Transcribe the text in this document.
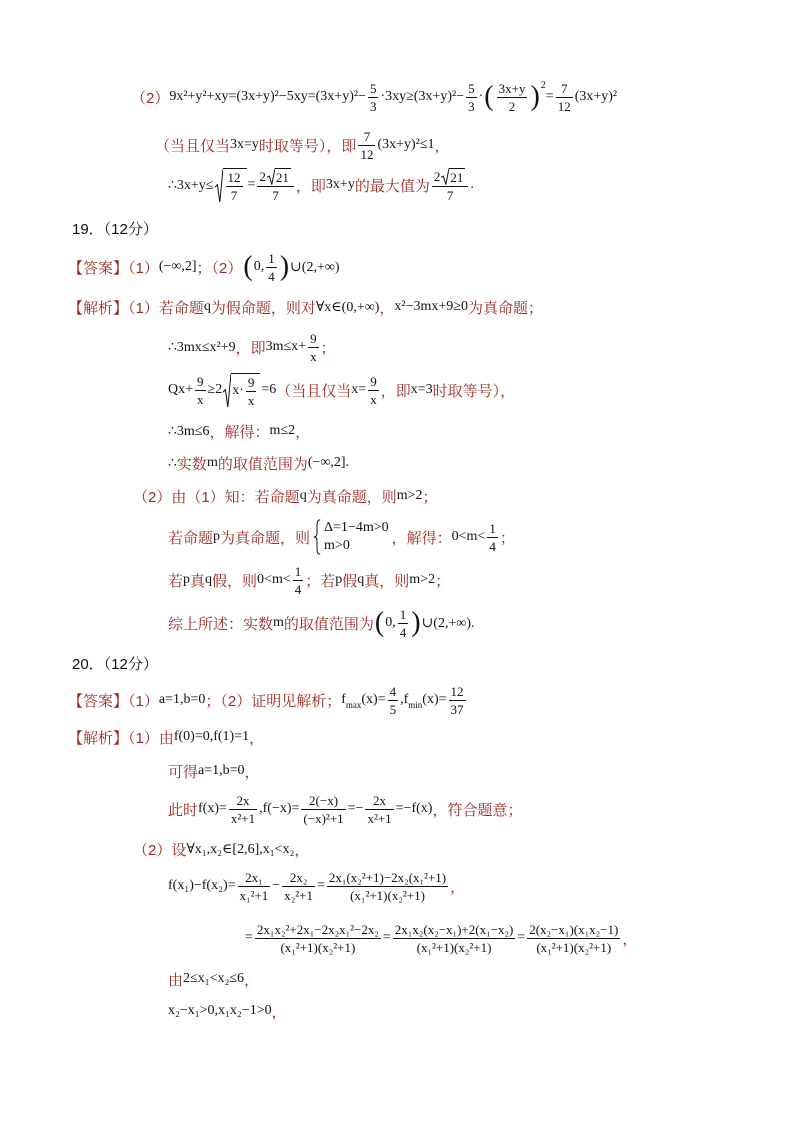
（2） $9x^2+y^2+xy=(3x+y)^2-5xy=(3x+y)^2- \frac{5}{3} \cdot 3xy\ge(3x+y)^2- \frac{5}{3}$ · ( $\frac{3x+y}{2}$ ) 2
= $\frac{7}{12} (3x+y)^2$
（当且仅当 3x=y 时取等号），即 $\frac{7}{12} (3x+y)^2\le 1$ ，
∴3x+y≤ $\frac{12}{7} = \frac{2 21}{7}$ ，即 3x+y 的最大值为 $\frac{2 21}{7}$ .
19．（12分）
【答案】（1） (−∞,2] ；（2） ( 0, $\frac{1}{4}$ ) ∪(2,+∞)
【解析】（1）若命题 q 为假命题，则对 ∀x∈(0,+∞) ， x²−3mx+9≥0 为真命题；
∴3mx≤x²+9 ，即 $3m\le x+ \frac{9}{x}$ ；
$Qx+ \frac{9}{x} \ge 2$ $x\cdot \frac{9}{x} =6$ （当且仅当 $x= \frac{9}{x}$ ，即 x=3 时取等号），
∴3m≤6 ，解得： m≤2 ，
∴ 实数 m 的取值范围为 (−∞,2].
（2）由（1）知：若命题 q 为真命题，则 m>2 ；
若命题 p 为真命题，则
Δ=1−4m>0
m>0	，解得： $0<m< \frac{1}{4}$ ；
若 p 真 q 假，则 $0<m< \frac{1}{4}$ ；若 p 假 q 真，则 m>2 ；
综上所述：实数 m 的取值范围为 ( 0, $\frac{1}{4}$ ) ∪(2,+∞).
20．（12分）
【答案】（1） a=1,b=0 ；（2）证明见解析； f $\max (x)= \frac{4}{5} ,f$ $\min (x)= \frac{12}{37}$
【解析】（1）由 f(0)=0,f(1)=1 ，
可得 a=1,b=0 ，
此时 $f(x)= \frac{2x}{\text{x²+1}} ,f(-x)= \frac{2(-x)}{\text{(−x)²+1}} =- \frac{2x}{\text{x²+1}} =-f(x)$ ，符合题意；
（2）设 ∀x₁,x₂∈[2,6],x₁<x₂ ，
$f(x_1)-f(x_2)= \frac{\text{2x₁}}{\text{x₁²+1}} - \frac{\text{2x₂}}{\text{x₂²+1}} = \frac{\text{2x₁(x₂²+1)−2x₂(x₁²+1)}}{\text{(x₁²+1)(x₂²+1)}}$ ，
= $\frac{\text{2x₁x₂²+2x₁−2x₂x₁²−2x₂}}{\text{(x₁²+1)(x₂²+1)}} = \frac{\text{2x₁x₂(x₂−x₁)+2(x₁−x₂)}}{\text{(x₁²+1)(x₂²+1)}} = \frac{\text{2(x₂−x₁)(x₁x₂−1)}}{\text{(x₁²+1)(x₂²+1)}}$ ，
由 2≤x₁<x₂≤6 ，
x₂−x₁>0,x₁x₂−1>0 ，
